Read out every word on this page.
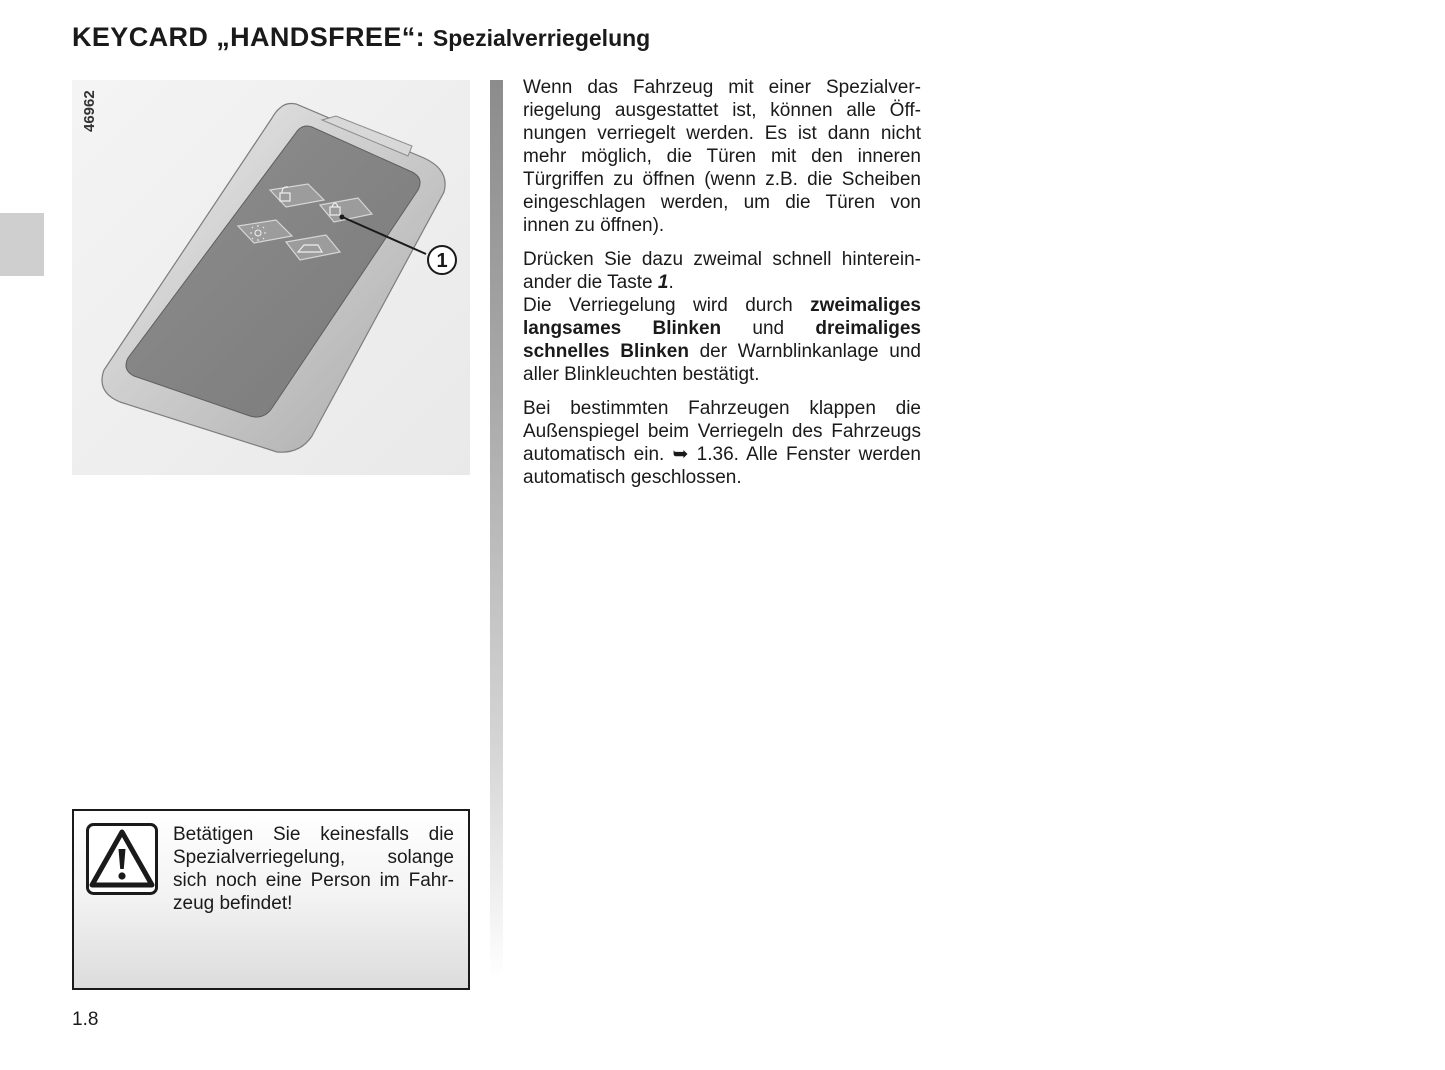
KEYCARD „HANDSFREE“: Spezialverriegelung
46962
1

Wenn das Fahrzeug mit einer Spezialverriegelung ausgestattet ist, können alle Öffnungen verriegelt werden. Es ist dann nicht mehr möglich, die Türen mit den inneren Türgriffen zu öffnen (wenn z.B. die Scheiben eingeschlagen werden, um die Türen von innen zu öffnen).

Drücken Sie dazu zweimal schnell hintereinander die Taste 1.

Die Verriegelung wird durch zweimaliges langsames Blinken und dreimaliges schnelles Blinken der Warnblinkanlage und aller Blinkleuchten bestätigt.

Bei bestimmten Fahrzeugen klappen die Außenspiegel beim Verriegeln des Fahrzeugs automatisch ein. ➥ 1.36. Alle Fenster werden automatisch geschlossen.

Betätigen Sie keinesfalls die Spezialverriegelung, solange sich noch eine Person im Fahrzeug befindet!
1.8
